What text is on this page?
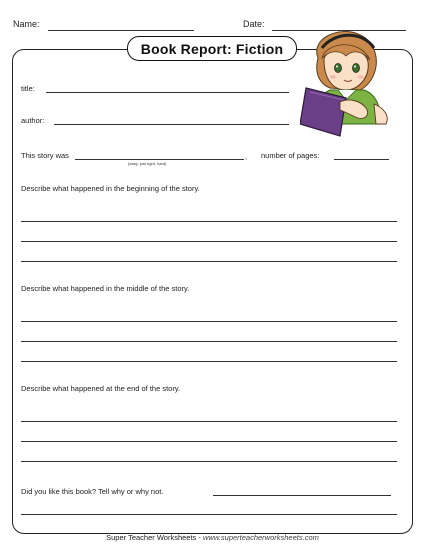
Name:	Date:
Book Report: Fiction
title:
author:
This story was	,
(easy, just right, hard)
number of pages:
Describe what happened in the beginning of the story.
Describe what happened in the middle of the story.
Describe what happened at the end of the story.
Did you like this book? Tell why or why not.
Super Teacher Worksheets - www.superteacherworksheets.com
